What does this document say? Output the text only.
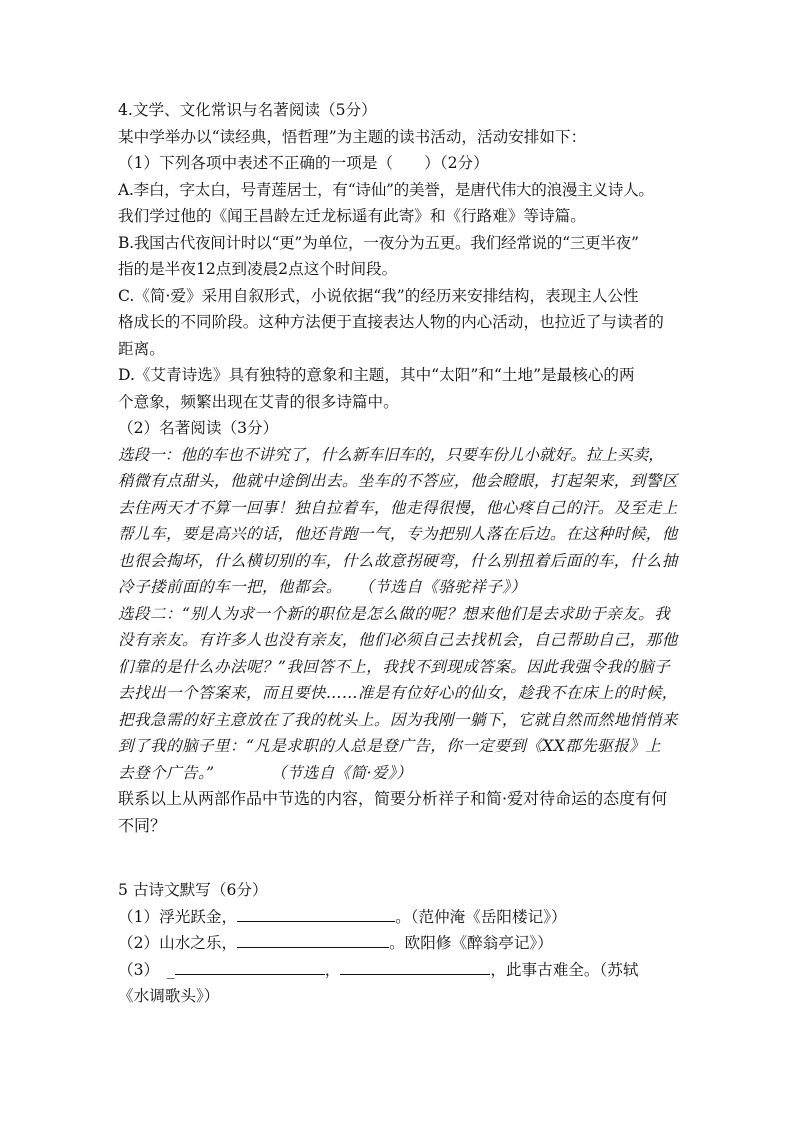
4.文学、文化常识与名著阅读（5分）
某中学举办以“读经典，悟哲理”为主题的读书活动，活动安排如下：
（1）下列各项中表述不正确的一项是（　　）（2分）
A.李白，字太白，号青莲居士，有“诗仙”的美誉，是唐代伟大的浪漫主义诗人。
我们学过他的《闻王昌龄左迁龙标遥有此寄》和《行路难》等诗篇。
B.我国古代夜间计时以“更”为单位，一夜分为五更。我们经常说的“三更半夜”
指的是半夜12点到凌晨2点这个时间段。
C.《简·爱》采用自叙形式，小说依据“我”的经历来安排结构，表现主人公性
格成长的不同阶段。这种方法便于直接表达人物的内心活动，也拉近了与读者的
距离。
D.《艾青诗选》具有独特的意象和主题，其中“太阳”和“土地”是最核心的两
个意象，频繁出现在艾青的很多诗篇中。
（2）名著阅读（3分）
选段一：他的车也不讲究了，什么新车旧车的，只要车份儿小就好。拉上买卖，
稍微有点甜头，他就中途倒出去。坐车的不答应，他会瞪眼，打起架来，到警区
去住两天才不算一回事！独自拉着车，他走得很慢，他心疼自己的汗。及至走上
帮儿车，要是高兴的话，他还肯跑一气，专为把别人落在后边。在这种时候，他
也很会掏坏，什么横切别的车，什么故意拐硬弯，什么别扭着后面的车，什么抽
冷子搂前面的车一把，他都会。　　（节选自《骆驼祥子》）
选段二：“别人为求一个新的职位是怎么做的呢？想来他们是去求助于亲友。我
没有亲友。有许多人也没有亲友，他们必须自己去找机会，自己帮助自己，那他
们靠的是什么办法呢？”我回答不上，我找不到现成答案。因此我强令我的脑子
去找出一个答案来，而且要快……准是有位好心的仙女，趁我不在床上的时候，
把我急需的好主意放在了我的枕头上。因为我刚一躺下，它就自然而然地悄悄来
到了我的脑子里：“凡是求职的人总是登广告，你一定要到《XX郡先驱报》上
去登个广告。”　　　　（节选自《简·爱》）
联系以上从两部作品中节选的内容，简要分析祥子和简·爱对待命运的态度有何
不同？
5 古诗文默写（6分）
（1）浮光跃金，	。（范仲淹《岳阳楼记》）
（2）山水之乐，	。欧阳修《醉翁亭记》）
（3）　_	，	，此事古难全。（苏轼
《水调歌头》）
